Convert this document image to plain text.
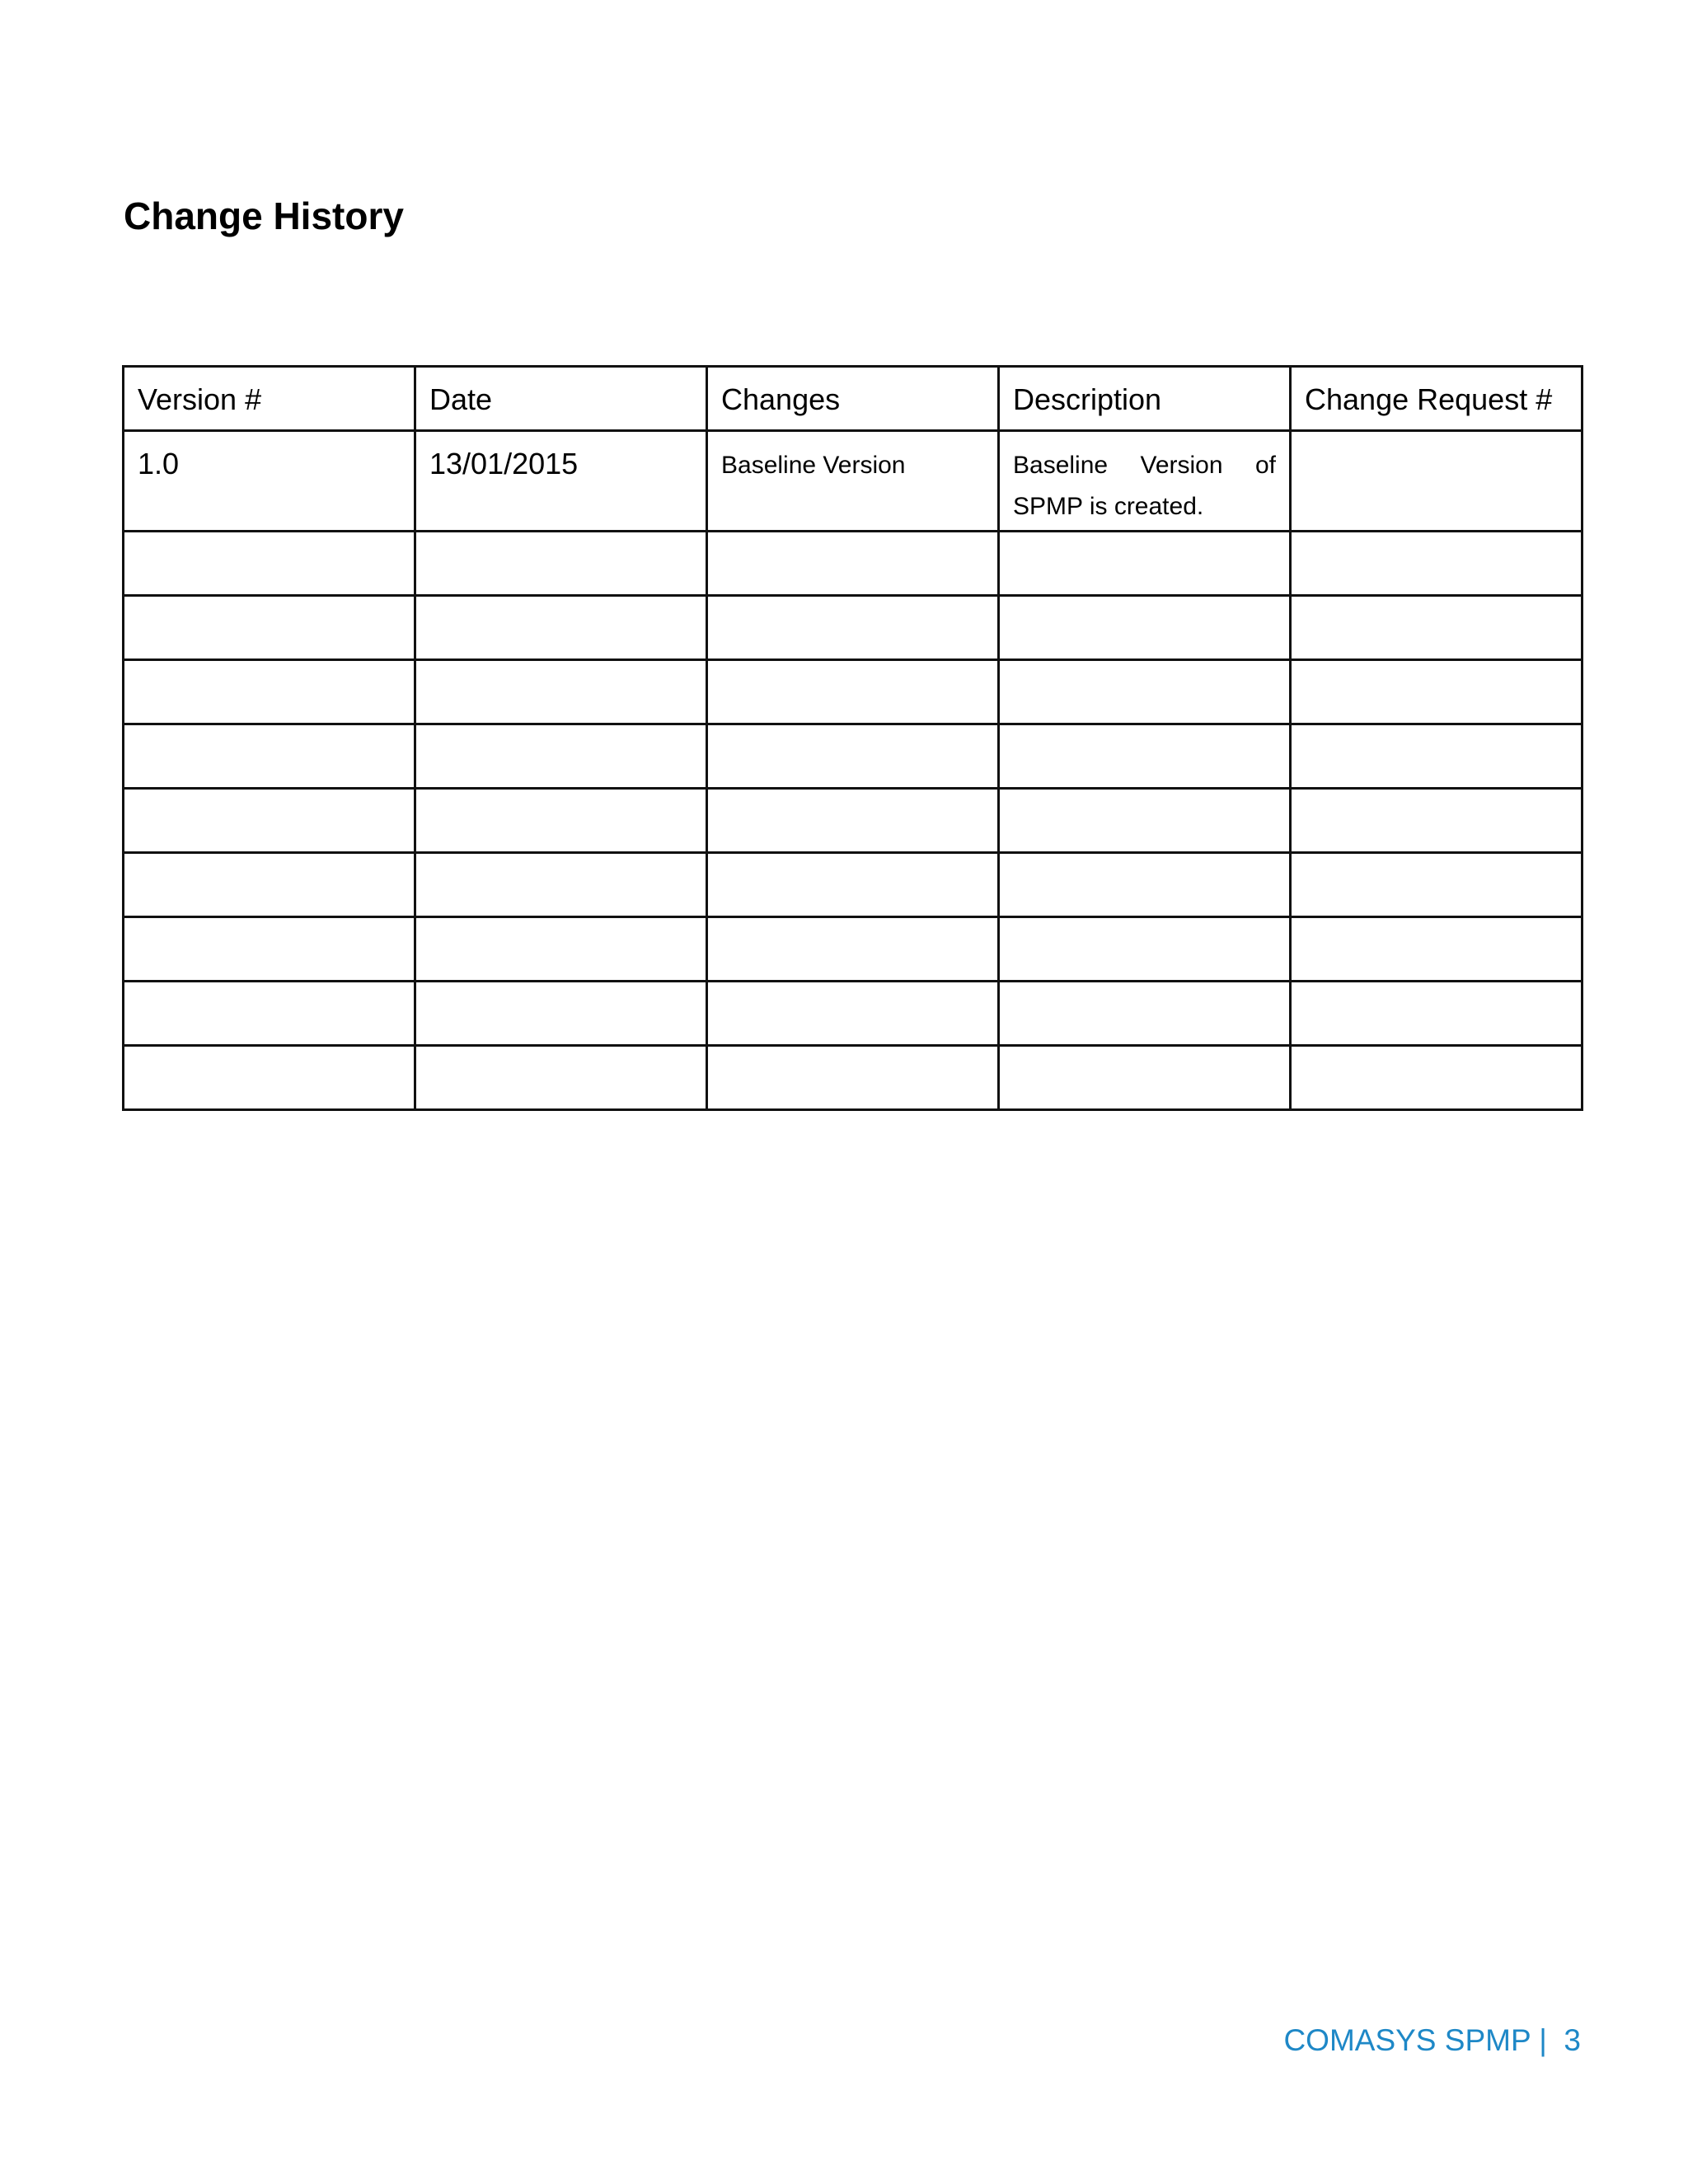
Change History
Version #	Date	Changes	Description	Change Request #
1.0	13/01/2015	Baseline Version	Baseline Version of SPMP is created.	

COMASYS SPMP | 3
